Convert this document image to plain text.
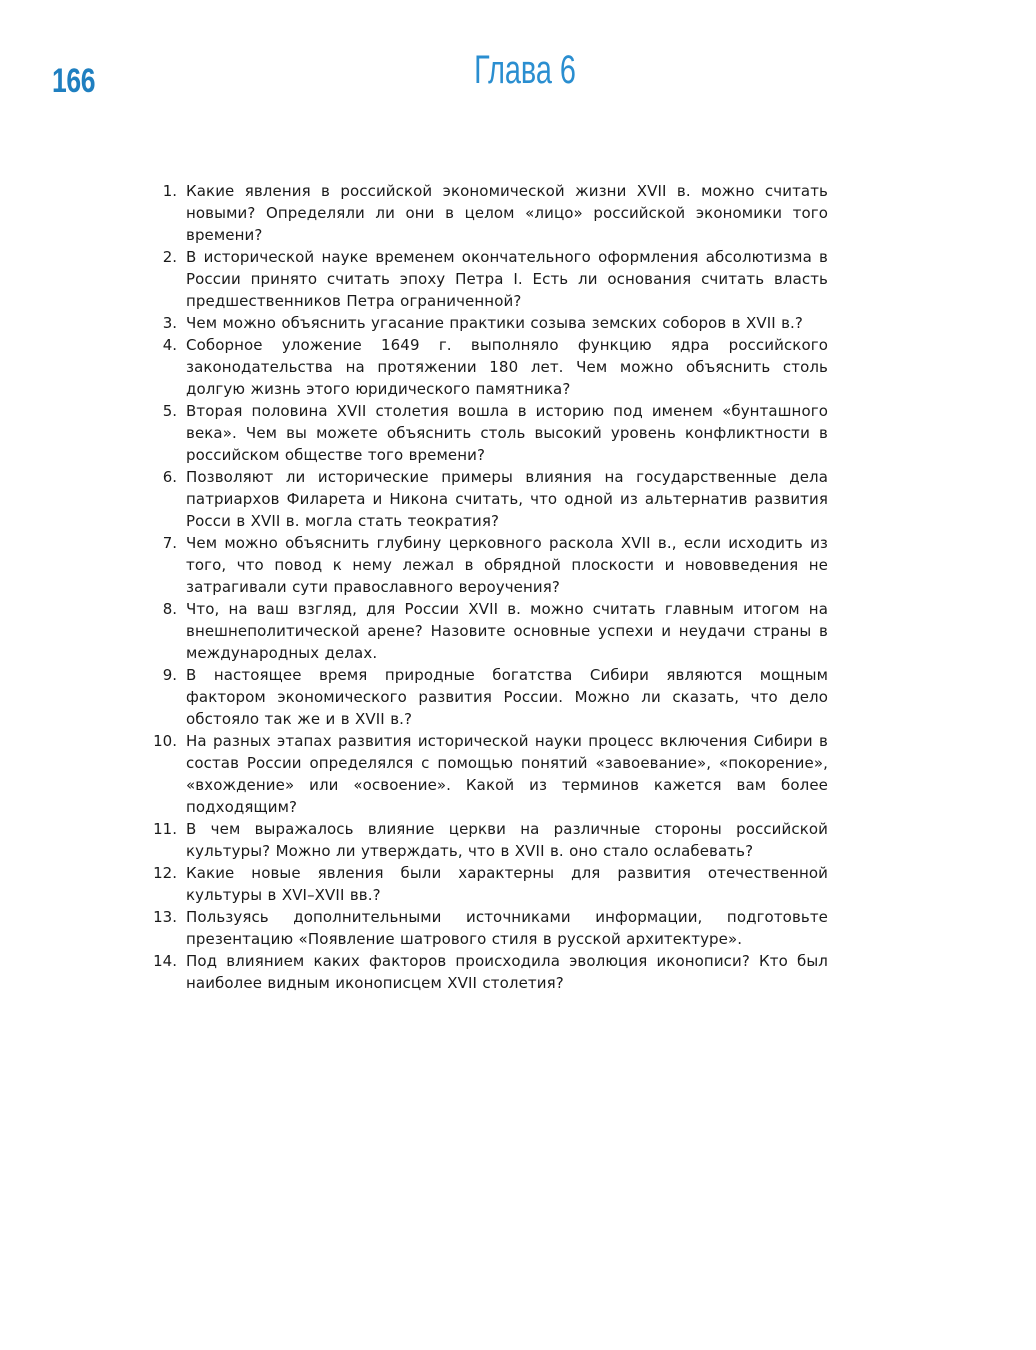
166	Глава 6
1. Какие явления в российской экономической жизни XVII в. можно считать новыми? Определяли ли они в целом «лицо» российской экономики того времени?
2. В исторической науке временем окончательного оформления абсолютизма в России принято считать эпоху Петра I. Есть ли основания считать власть предшественников Петра ограниченной?
3. Чем можно объяснить угасание практики созыва земских соборов в XVII в.?
4. Соборное уложение 1649 г. выполняло функцию ядра российского законодательства на протяжении 180 лет. Чем можно объяснить столь долгую жизнь этого юридического памятника?
5. Вторая половина XVII столетия вошла в историю под именем «бунташного века». Чем вы можете объяснить столь высокий уровень конфликтности в российском обществе того времени?
6. Позволяют ли исторические примеры влияния на государственные дела патриархов Филарета и Никона считать, что одной из альтернатив развития Росси в XVII в. могла стать теократия?
7. Чем можно объяснить глубину церковного раскола XVII в., если исходить из того, что повод к нему лежал в обрядной плоскости и нововведения не затрагивали сути православного вероучения?
8. Что, на ваш взгляд, для России XVII в. можно считать главным итогом на внешнеполитической арене? Назовите основные успехи и неудачи страны в международных делах.
9. В настоящее время природные богатства Сибири являются мощным фактором экономического развития России. Можно ли сказать, что дело обстояло так же и в XVII в.?
10. На разных этапах развития исторической науки процесс включения Сибири в состав России определялся с помощью понятий «завоевание», «покорение», «вхождение» или «освоение». Какой из терминов кажется вам более подходящим?
11. В чем выражалось влияние церкви на различные стороны российской культуры? Можно ли утверждать, что в XVII в. оно стало ослабевать?
12. Какие новые явления были характерны для развития отечественной культуры в XVI–XVII вв.?
13. Пользуясь дополнительными источниками информации, подготовьте презентацию «Появление шатрового стиля в русской архитектуре».
14. Под влиянием каких факторов происходила эволюция иконописи? Кто был наиболее видным иконописцем XVII столетия?
